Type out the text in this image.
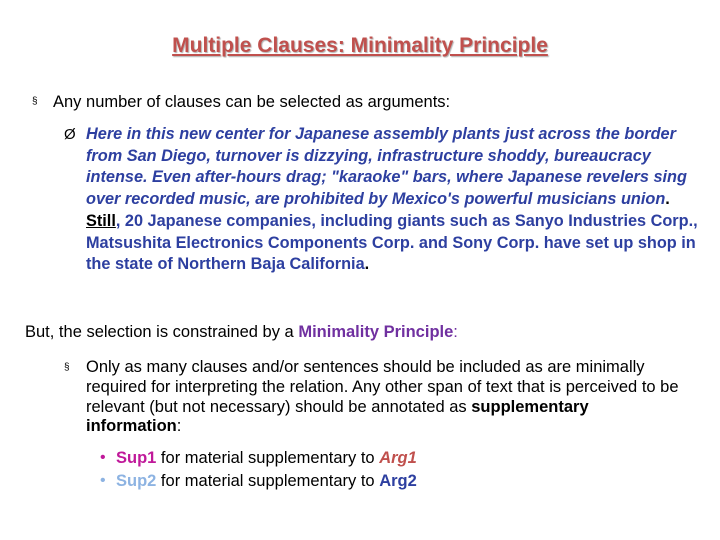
Multiple Clauses: Minimality Principle
§ Any number of clauses can be selected as arguments:
Ø Here in this new center for Japanese assembly plants just across the border from San Diego, turnover is dizzying, infrastructure shoddy, bureaucracy intense. Even after-hours drag; "karaoke" bars, where Japanese revelers sing over recorded music, are prohibited by Mexico's powerful musicians union. Still, 20 Japanese companies, including giants such as Sanyo Industries Corp., Matsushita Electronics Components Corp. and Sony Corp. have set up shop in the state of Northern Baja California.
But, the selection is constrained by a Minimality Principle:
§ Only as many clauses and/or sentences should be included as are minimally required for interpreting the relation. Any other span of text that is perceived to be relevant (but not necessary) should be annotated as supplementary information:
• Sup1 for material supplementary to Arg1
• Sup2 for material supplementary to Arg2
